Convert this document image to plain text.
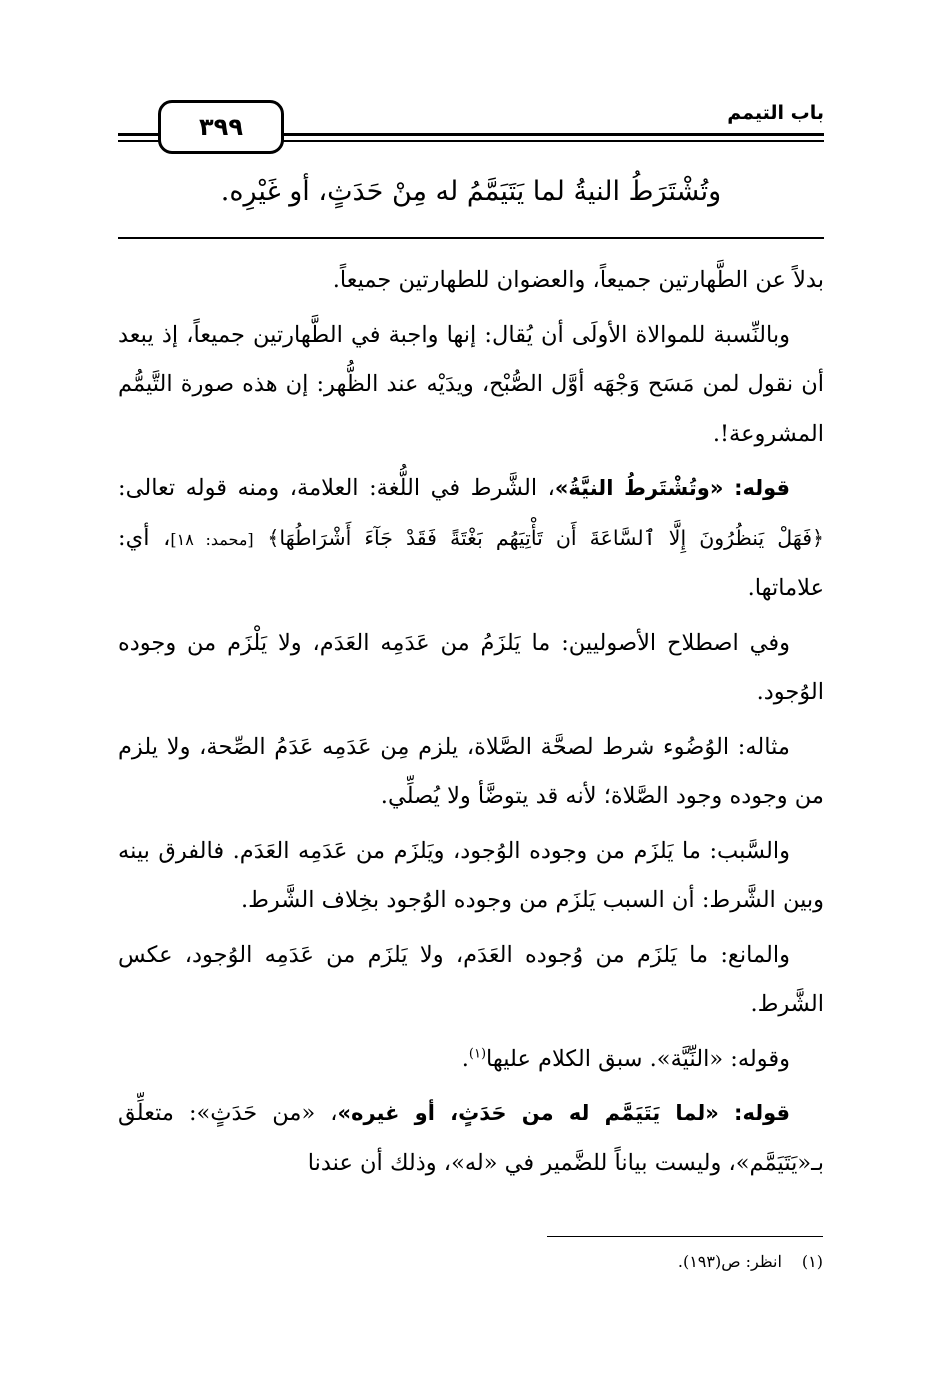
باب التيمم
٣٩٩
وتُشْتَرَطُ النيةُ لما يَتَيَمَّمُ له مِنْ حَدَثٍ، أو غَيْرِه.

بدلاً عن الطَّهارتين جميعاً، والعضوان للطهارتين جميعاً.

وبالنِّسبة للموالاة الأولَى أن يُقال: إنها واجبة في الطَّهارتين جميعاً، إذ يبعد أن نقول لمن مَسَح وَجْهَه أوَّل الصُّبْح، ويدَيْه عند الظُّهر: إن هذه صورة التَّيمُّم المشروعة!.

قوله: «وتُشْتَرطُ النيَّةُ»، الشَّرط في اللُّغة: العلامة، ومنه قوله تعالى: ﴿فَهَلْ يَنظُرُونَ إِلَّا ٱلسَّاعَةَ أَن تَأْتِيَهُم بَغْتَةً فَقَدْ جَآءَ أَشْرَاطُهَا﴾ [محمد: ١٨]، أي: علاماتها.

وفي اصطلاح الأصوليين: ما يَلزَمُ من عَدَمِه العَدَم، ولا يَلْزَم من وجوده الوُجود.

مثاله: الوُضُوء شرط لصحَّة الصَّلاة، يلزم مِن عَدَمِه عَدَمُ الصِّحة، ولا يلزم من وجوده وجود الصَّلاة؛ لأنه قد يتوضَّأ ولا يُصلِّي.

والسَّبب: ما يَلزَم من وجوده الوُجود، ويَلزَم من عَدَمِه العَدَم. فالفرق بينه وبين الشَّرط: أن السبب يَلزَم من وجوده الوُجود بخِلاف الشَّرط.

والمانع: ما يَلزَم من وُجوده العَدَم، ولا يَلزَم من عَدَمِه الوُجود، عكس الشَّرط.

وقوله: «النِّيَّة». سبق الكلام عليها$^{(١)}$.

قوله: «لما يَتَيَمَّم له من حَدَثٍ، أو غيره»، «من حَدَثٍ»: متعلِّق بـ«يَتَيَمَّم»، وليست بياناً للضَّمير في «له»، وذلك أن عندنا

(١)انظر: ص(١٩٣).
